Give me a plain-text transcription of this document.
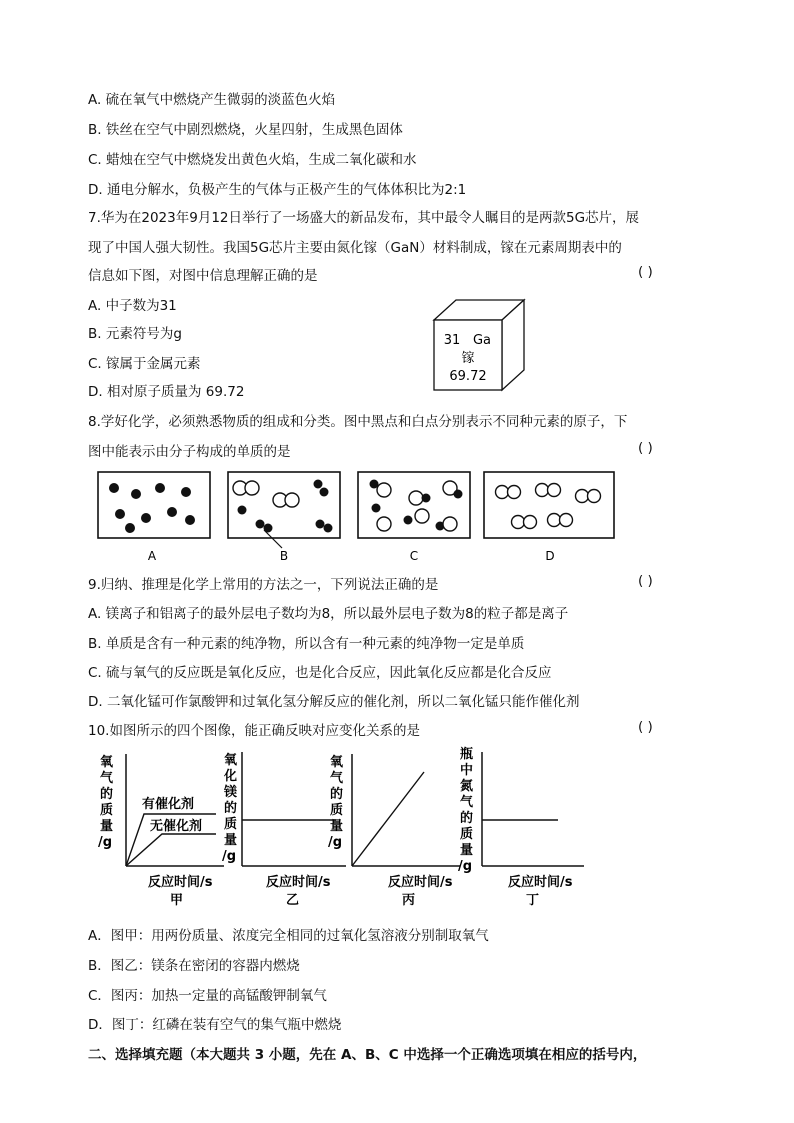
A. 硫在氧气中燃烧产生微弱的淡蓝色火焰
B. 铁丝在空气中剧烈燃烧，火星四射，生成黑色固体
C. 蜡烛在空气中燃烧发出黄色火焰，生成二氧化碳和水
D. 通电分解水，负极产生的气体与正极产生的气体体积比为2:1
7.华为在2023年9月12日举行了一场盛大的新品发布，其中最令人瞩目的是两款5G芯片，展
现了中国人强大韧性。我国5G芯片主要由氮化镓（GaN）材料制成，镓在元素周期表中的
信息如下图，对图中信息理解正确的是	( )
A. 中子数为31
B. 元素符号为g
C. 镓属于金属元素
D. 相对原子质量为 69.72
31 Ga
镓
69.72
8.学好化学，必须熟悉物质的组成和分类。图中黑点和白点分别表示不同种元素的原子，下
图中能表示由分子构成的单质的是	( )
A	B	C	D
9.归纳、推理是化学上常用的方法之一，下列说法正确的是	( )
A. 镁离子和铝离子的最外层电子数均为8，所以最外层电子数为8的粒子都是离子
B. 单质是含有一种元素的纯净物，所以含有一种元素的纯净物一定是单质
C. 硫与氧气的反应既是氧化反应，也是化合反应，因此氧化反应都是化合反应
D. 二氧化锰可作氯酸钾和过氧化氢分解反应的催化剂，所以二氧化锰只能作催化剂
10.如图所示的四个图像，能正确反映对应变化关系的是	( )
氧
气
的
质
量
/g
有催化剂
无催化剂
反应时间/s
甲
氧
化
镁
的
质
量
/g
反应时间/s
乙
氧
气
的
质
量
/g
反应时间/s
丙
瓶
中
氮
气
的
质
量
/g
反应时间/s
丁
A．图甲：用两份质量、浓度完全相同的过氧化氢溶液分别制取氧气
B．图乙：镁条在密闭的容器内燃烧
C．图丙：加热一定量的高锰酸钾制氧气
D．图丁：红磷在装有空气的集气瓶中燃烧
二、选择填充题（本大题共 3 小题，先在 A、B、C 中选择一个正确选项填在相应的括号内，
